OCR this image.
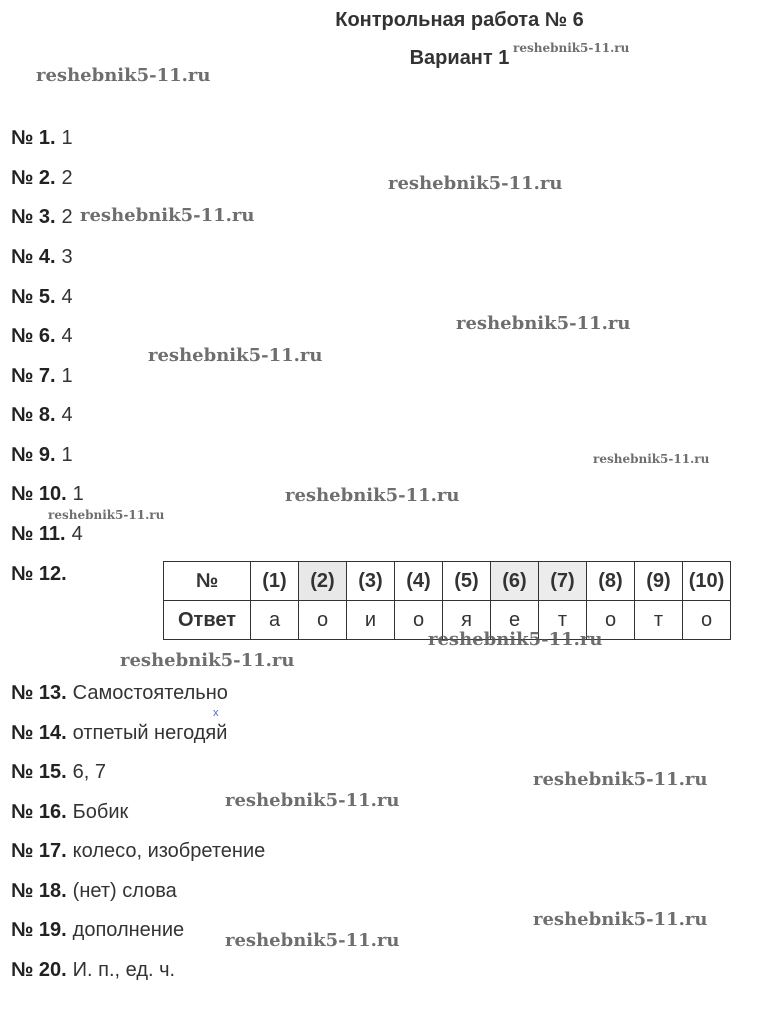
Контрольная работа № 6
Вариант 1
№ 1. 1
№ 2. 2
№ 3. 2
№ 4. 3
№ 5. 4
№ 6. 4
№ 7. 1
№ 8. 4
№ 9. 1
№ 10. 1
№ 11. 4
№ 12.	№	(1)	(2)	(3)	(4)	(5)	(6)	(7)	(8)	(9)	(10)
Ответ	а	о	и	о	я	е	т	о	т	о
№ 13. Самостоятельно
№ 14. отпетый негодяй
№ 15. 6, 7
№ 16. Бобик
№ 17. колесо, изобретение
№ 18. (нет) слова
№ 19. дополнение
№ 20. И. п., ед. ч.
x
reshebnik5-11.ru
reshebnik5-11.ru
reshebnik5-11.ru
reshebnik5-11.ru
reshebnik5-11.ru
reshebnik5-11.ru
reshebnik5-11.ru
reshebnik5-11.ru
reshebnik5-11.ru
reshebnik5-11.ru
reshebnik5-11.ru
reshebnik5-11.ru
reshebnik5-11.ru
reshebnik5-11.ru
reshebnik5-11.ru
